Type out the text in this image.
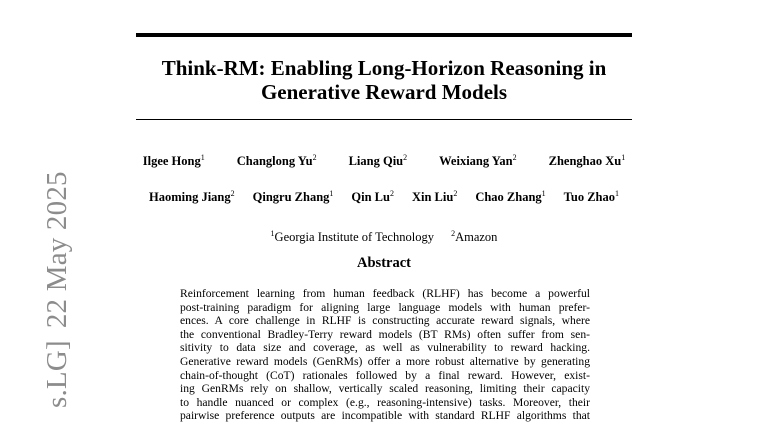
s.LG]22 May 2025
Think-RM: Enabling Long-Horizon Reasoning in
Generative Reward Models
Ilgee Hong$^1$	Changlong Yu$^2$	Liang Qiu$^2$	Weixiang Yan$^2$	Zhenghao Xu$^1$
Haoming Jiang$^2$ Qingru Zhang$^1$ Qin Lu$^2$ Xin Liu$^2$ Chao Zhang$^1$ Tuo Zhao$^1$
$^1$Georgia Institute of Technology $^2$Amazon
Abstract
Reinforcement learning from human feedback (RLHF) has become a powerful
post-training paradigm for aligning large language models with human prefer-
ences. A core challenge in RLHF is constructing accurate reward signals, where
the conventional Bradley-Terry reward models (BT RMs) often suffer from sen-
sitivity to data size and coverage, as well as vulnerability to reward hacking.
Generative reward models (GenRMs) offer a more robust alternative by generating
chain-of-thought (CoT) rationales followed by a final reward. However, exist-
ing GenRMs rely on shallow, vertically scaled reasoning, limiting their capacity
to handle nuanced or complex (e.g., reasoning-intensive) tasks. Moreover, their
pairwise preference outputs are incompatible with standard RLHF algorithms that
